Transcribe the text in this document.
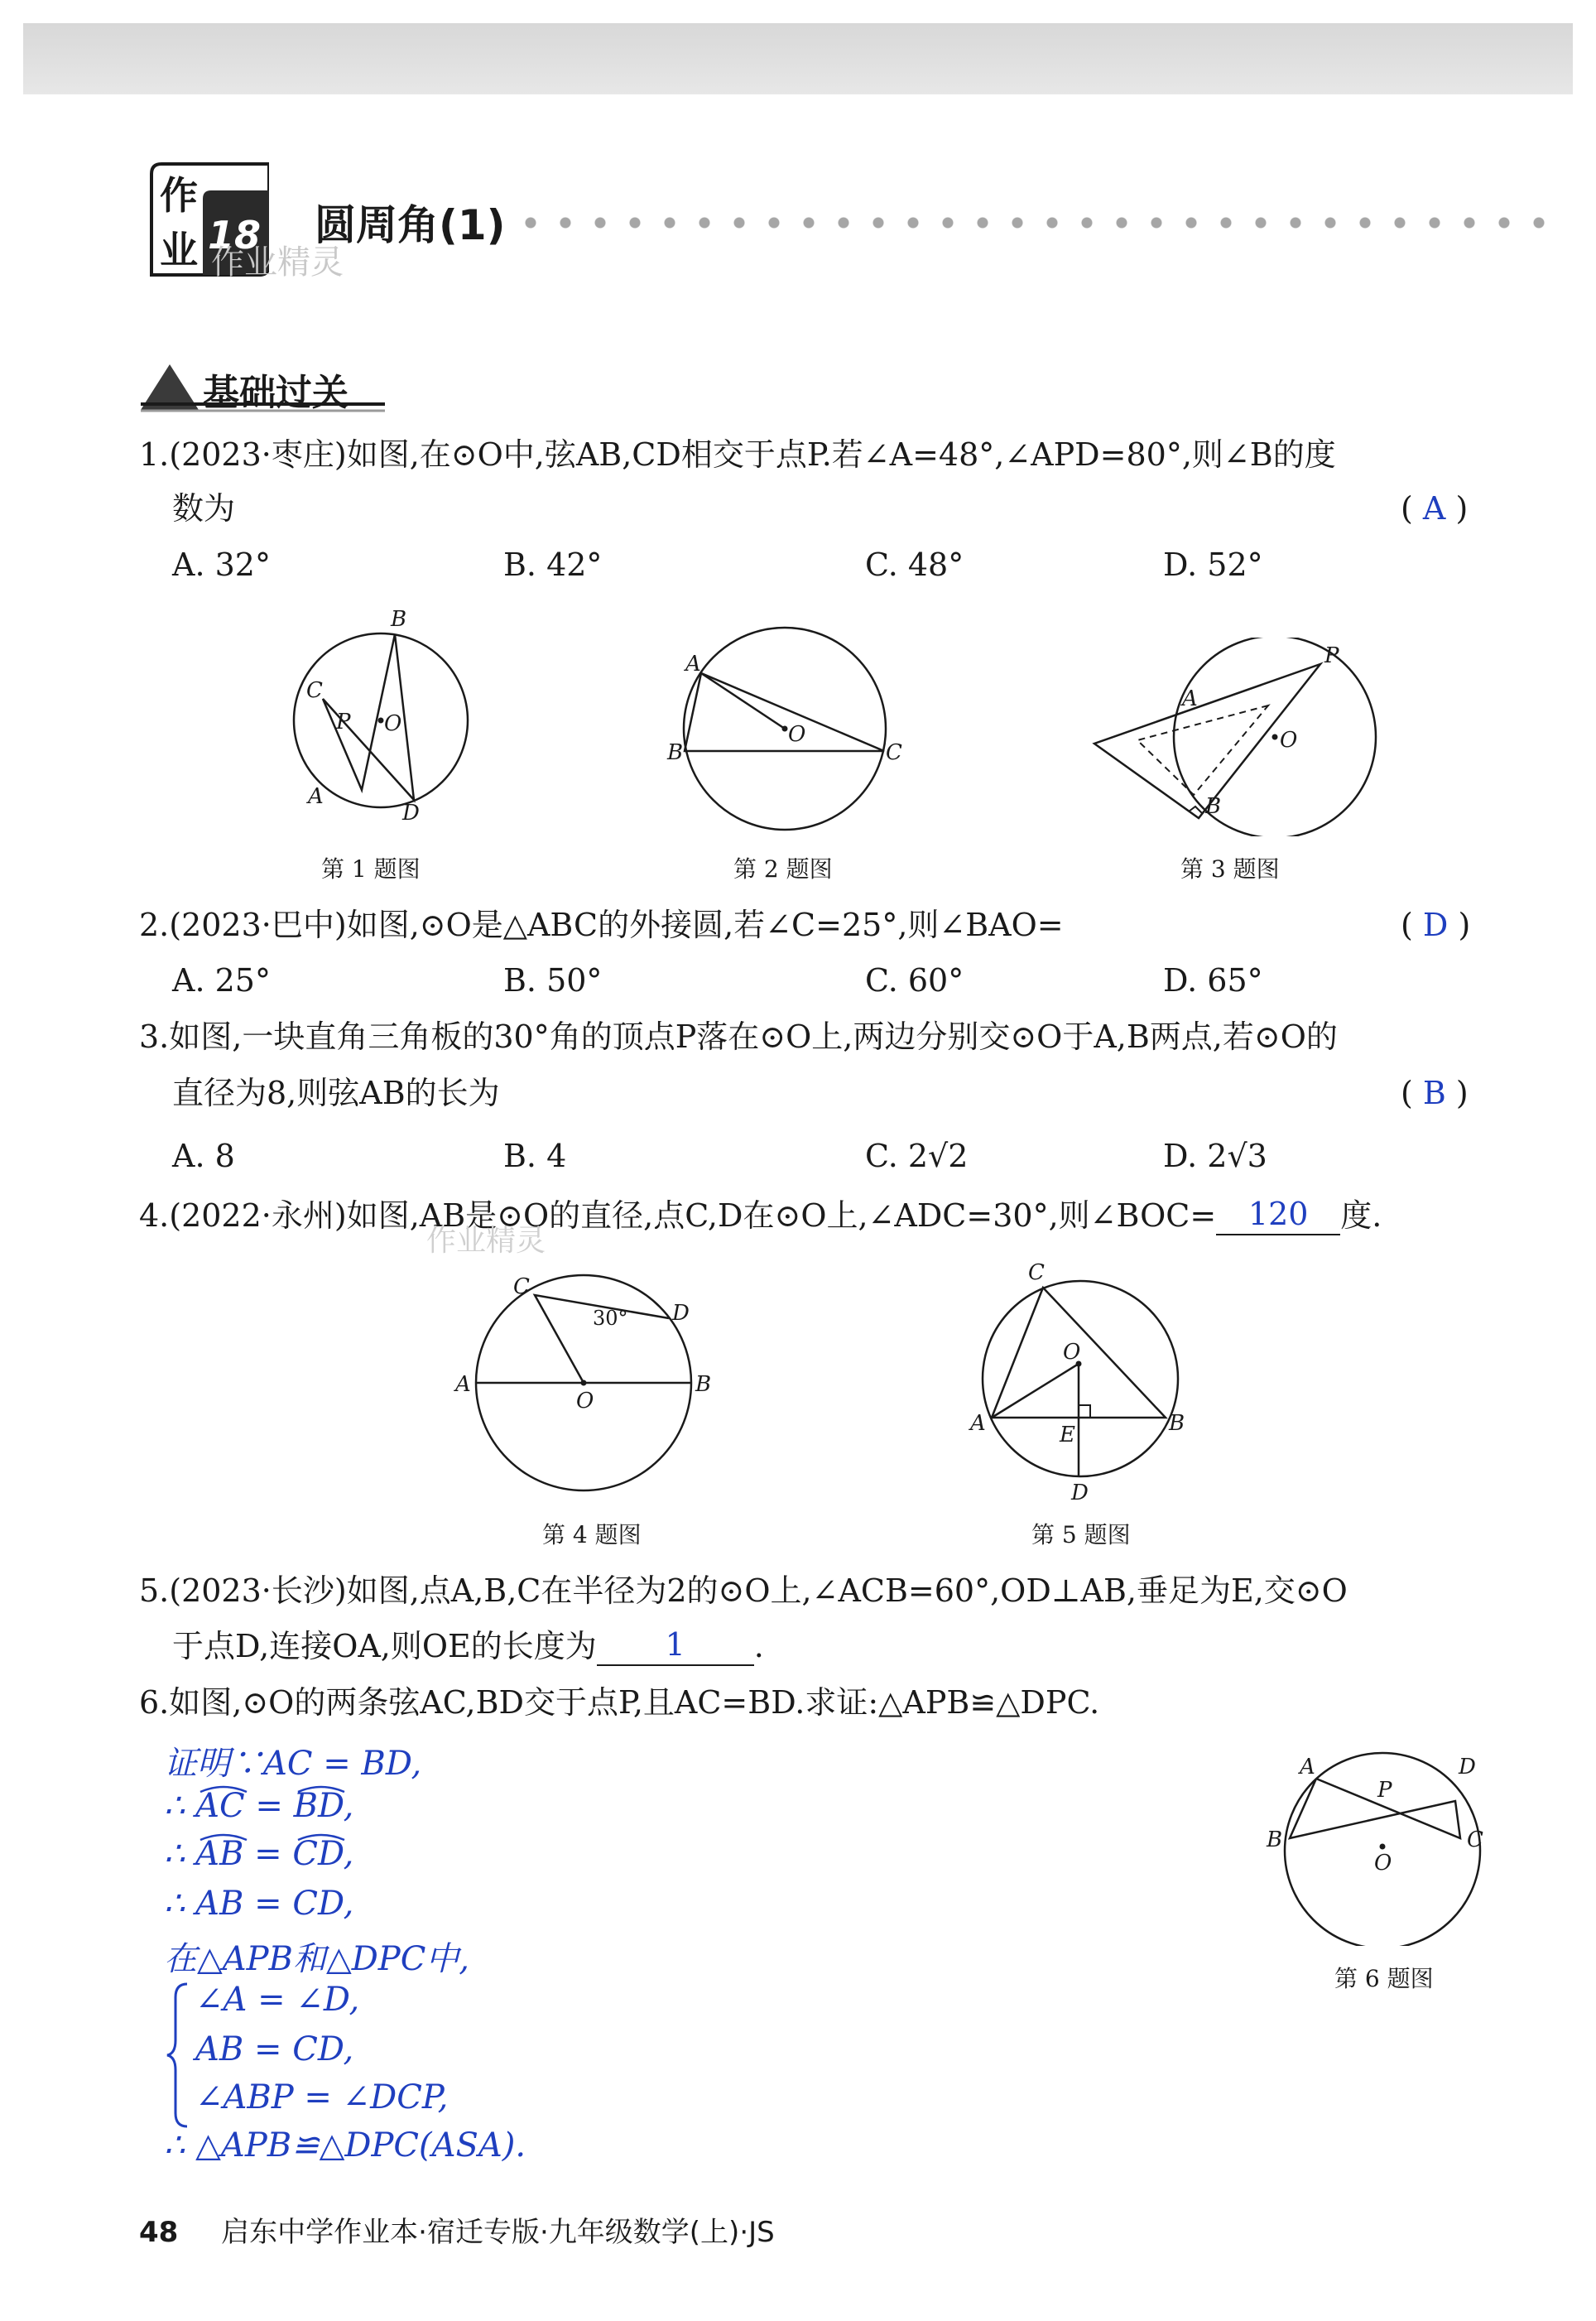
作
业 18
作业精灵
圆周角(1)
基础过关
1.(2023·枣庄)如图,在⊙O中,弦AB,CD相交于点P.若∠A=48°,∠APD=80°,则∠B的度
数为	( A )
A. 32°	B. 42°	C. 48°	D. 52°
B
C
P O
A
D
第 1 题图
A
O
B	C
第 2 题图
P
A
O
B
第 3 题图
2.(2023·巴中)如图,⊙O是△ABC的外接圆,若∠C=25°,则∠BAO=	( D )
A. 25°	B. 50°	C. 60°	D. 65°
3.如图,一块直角三角板的30°角的顶点P落在⊙O上,两边分别交⊙O于A,B两点,若⊙O的
直径为8,则弦AB的长为	( B )
A. 8	B. 4	C. 2√2	D. 2√3
4.(2022·永州)如图,AB是⊙O的直径,点C,D在⊙O上,∠ADC=30°,则∠BOC= 120 度.
作业精灵
C
D
30°
A
O
B
第 4 题图
C
O
A	E	B
D
第 5 题图
5.(2023·长沙)如图,点A,B,C在半径为2的⊙O上,∠ACB=60°,OD⊥AB,垂足为E,交⊙O
于点D,连接OA,则OE的长度为 1 .
6.如图,⊙O的两条弦AC,BD交于点P,且AC=BD.求证:△APB≌△DPC.
证明∵AC = BD,
∴ AC = BD,
∴ AB = CD,
∴ AB = CD,
在△APB和△DPC中,
∠A = ∠D,
AB = CD,
∠ABP = ∠DCP,
∴ △APB≌△DPC(ASA).
A	D
P
B
O
C
第 6 题图
48 启东中学作业本·宿迁专版·九年级数学(上)·JS
